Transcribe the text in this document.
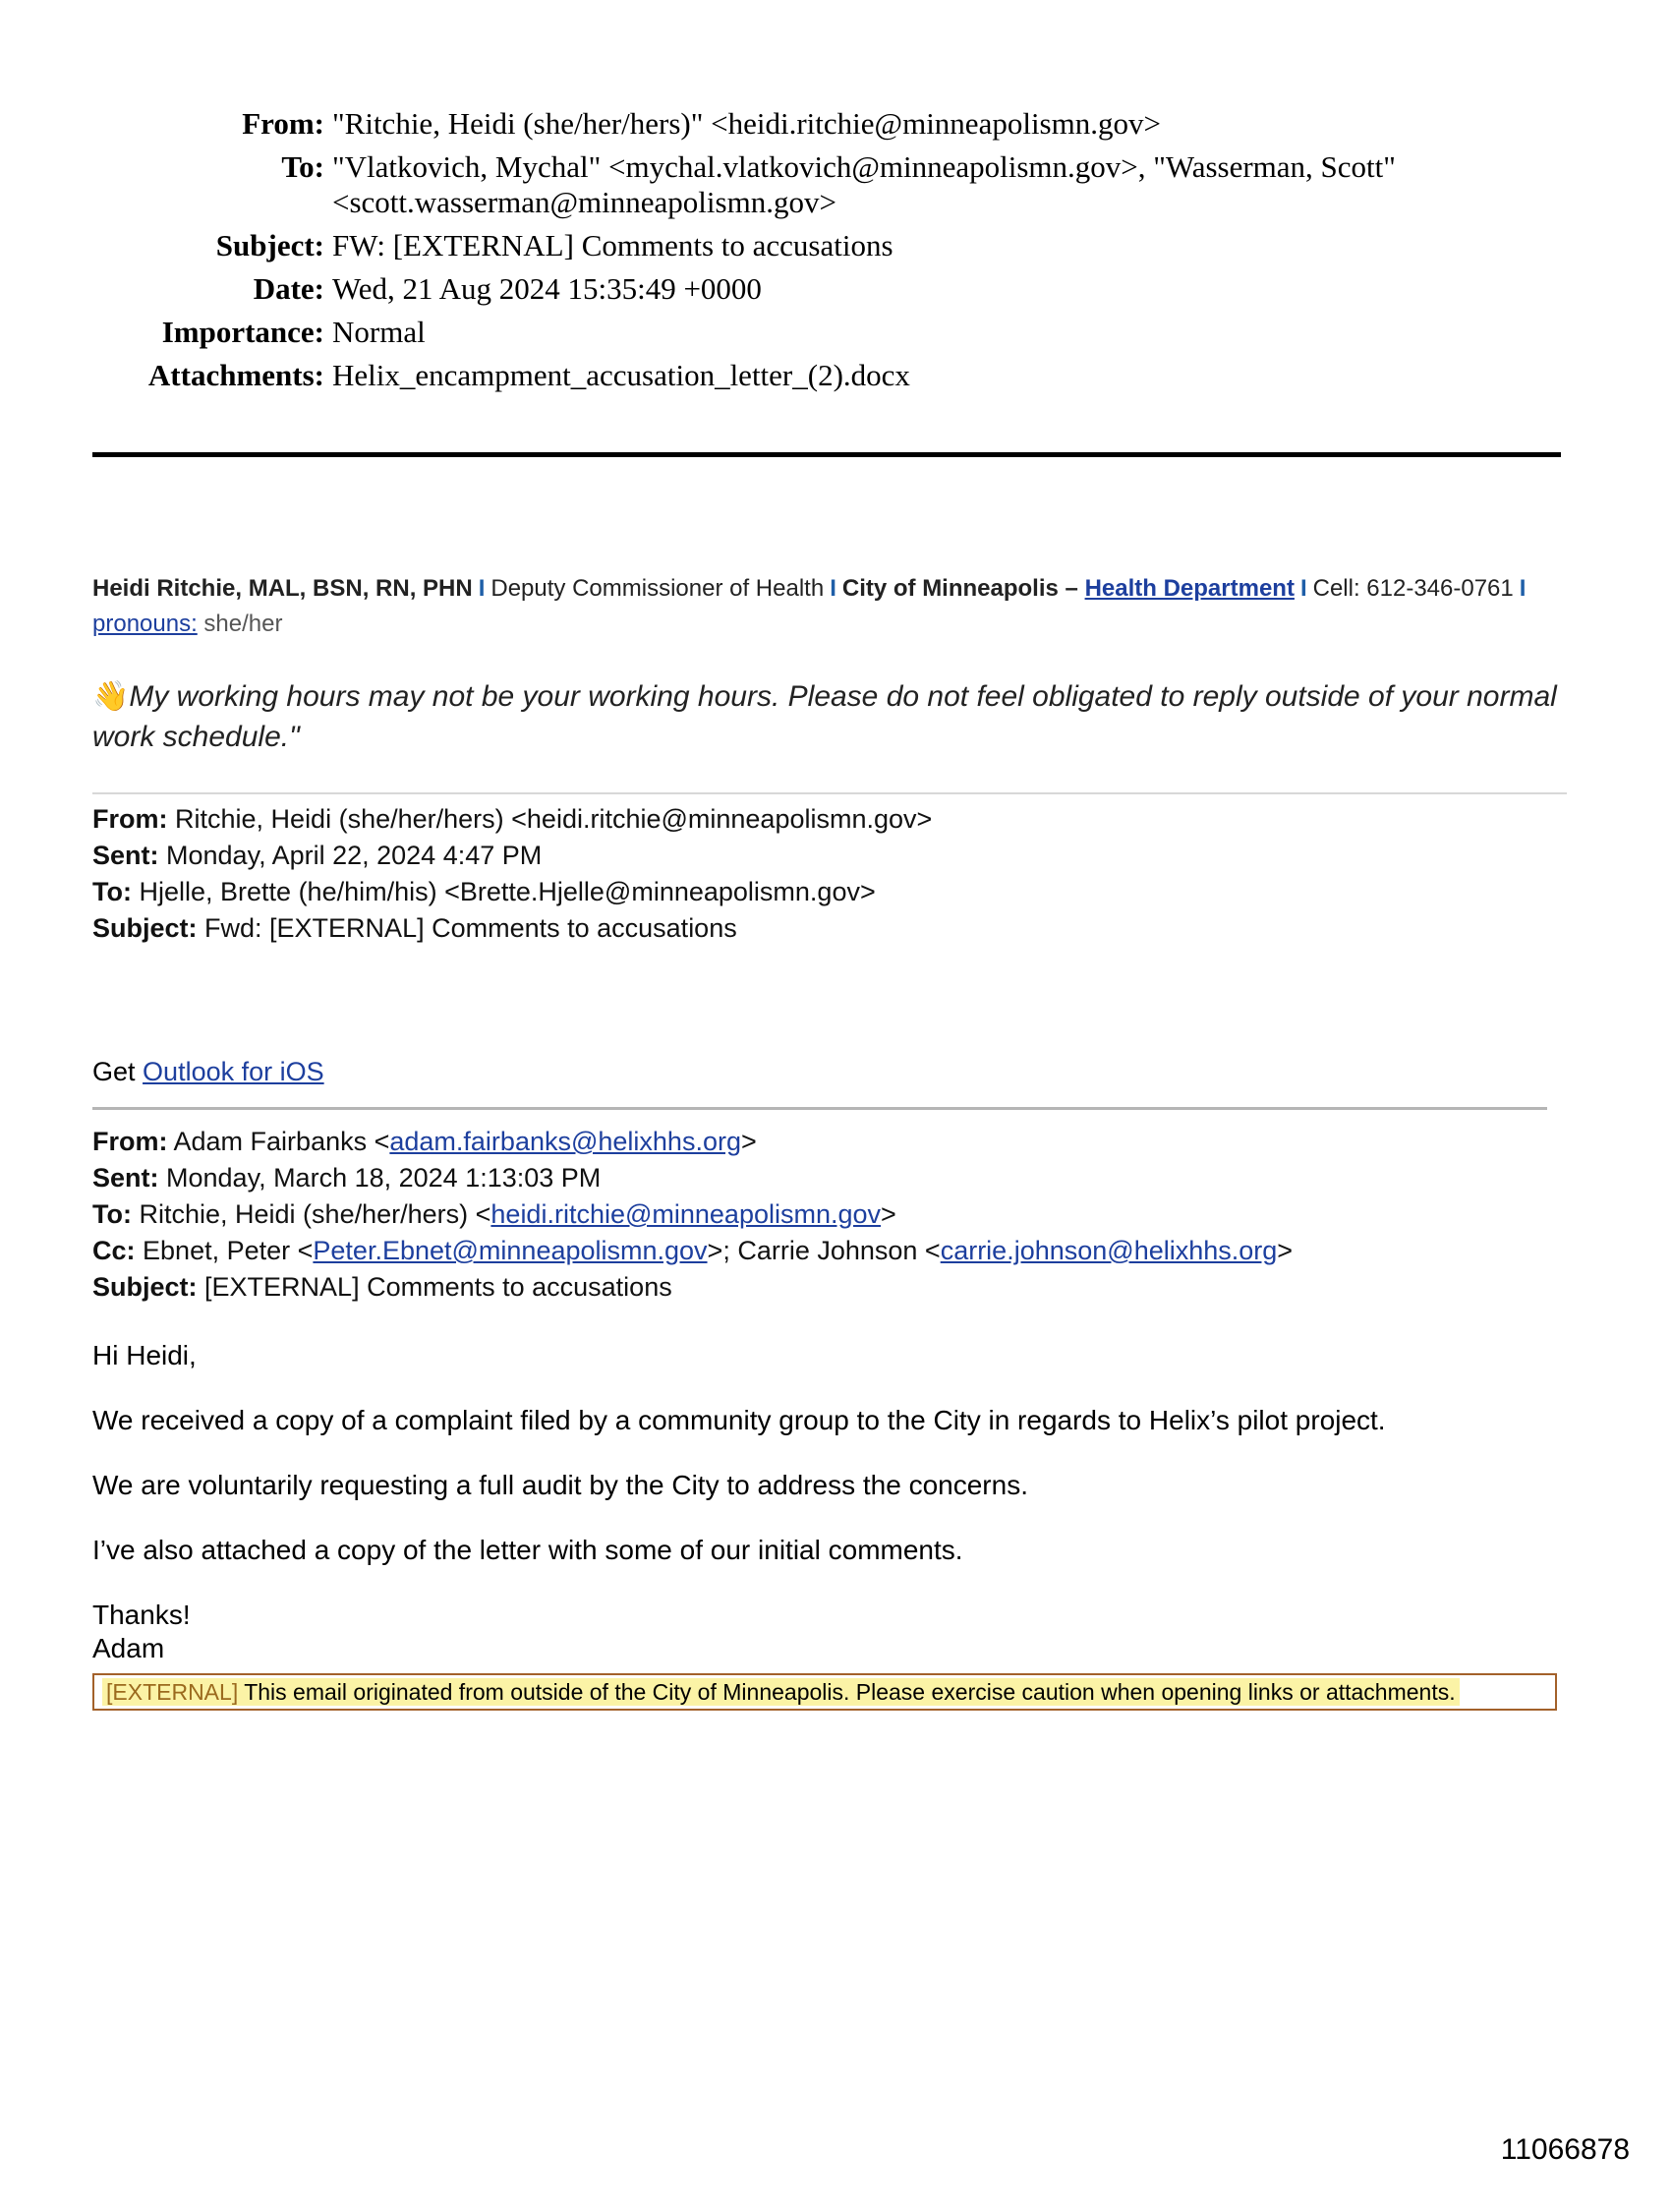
From: "Ritchie, Heidi (she/her/hers)" <heidi.ritchie@minneapolismn.gov>
To: "Vlatkovich, Mychal" <mychal.vlatkovich@minneapolismn.gov>, "Wasserman, Scott"
<scott.wasserman@minneapolismn.gov>
Subject: FW: [EXTERNAL] Comments to accusations
Date: Wed, 21 Aug 2024 15:35:49 +0000
Importance: Normal
Attachments: Helix_encampment_accusation_letter_(2).docx
Heidi Ritchie, MAL, BSN, RN, PHN I Deputy Commissioner of Health I City of Minneapolis – Health Department I Cell: 612-346-0761 I
pronouns: she/her
👋My working hours may not be your working hours. Please do not feel obligated to reply outside of your normal work schedule."
From: Ritchie, Heidi (she/her/hers) <heidi.ritchie@minneapolismn.gov>
Sent: Monday, April 22, 2024 4:47 PM
To: Hjelle, Brette (he/him/his) <Brette.Hjelle@minneapolismn.gov>
Subject: Fwd: [EXTERNAL] Comments to accusations
Get Outlook for iOS
From: Adam Fairbanks <adam.fairbanks@helixhhs.org>
Sent: Monday, March 18, 2024 1:13:03 PM
To: Ritchie, Heidi (she/her/hers) <heidi.ritchie@minneapolismn.gov>
Cc: Ebnet, Peter <Peter.Ebnet@minneapolismn.gov>; Carrie Johnson <carrie.johnson@helixhhs.org>
Subject: [EXTERNAL] Comments to accusations

Hi Heidi,

We received a copy of a complaint filed by a community group to the City in regards to Helix’s pilot project.

We are voluntarily requesting a full audit by the City to address the concerns.

I’ve also attached a copy of the letter with some of our initial comments.

Thanks!

Adam

[EXTERNAL] This email originated from outside of the City of Minneapolis. Please exercise caution when opening links or attachments.
11066878
